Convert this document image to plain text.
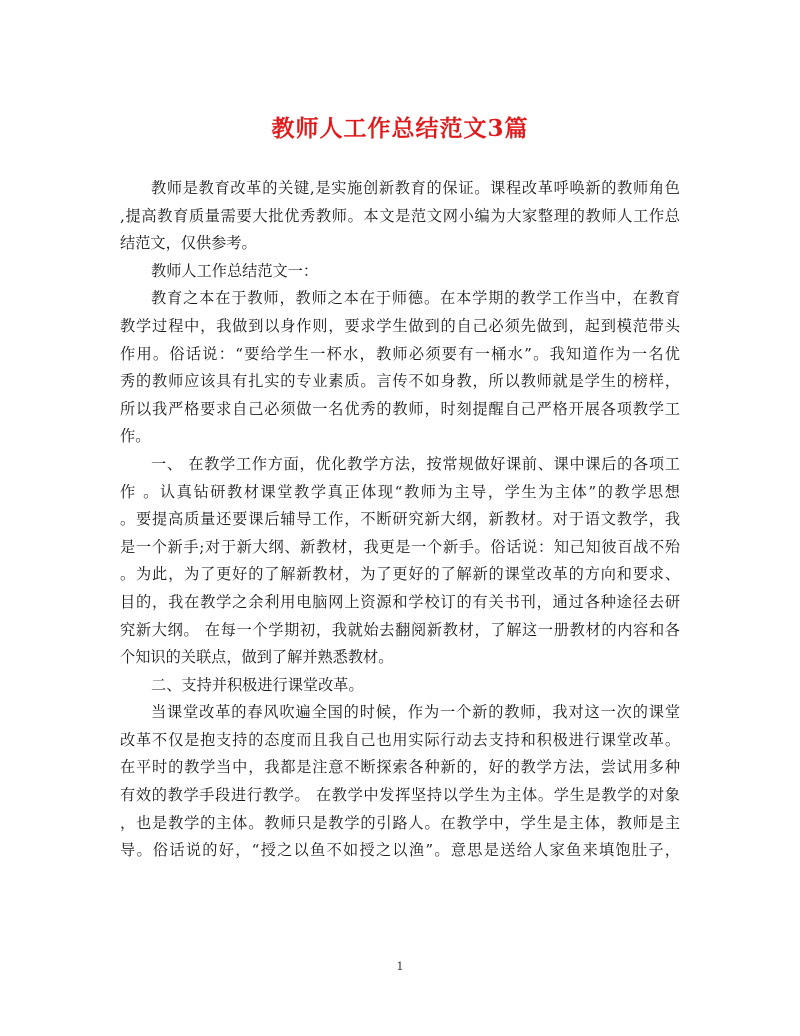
教师人工作总结范文3篇
教师是教育改革的关键,是实施创新教育的保证。课程改革呼唤新的教师角色
,提高教育质量需要大批优秀教师。本文是范文网小编为大家整理的教师人工作总
结范文，仅供参考。
教师人工作总结范文一：
教育之本在于教师，教师之本在于师德。在本学期的教学工作当中，在教育
教学过程中，我做到以身作则，要求学生做到的自己必须先做到，起到模范带头
作用。俗话说：“要给学生一杯水，教师必须要有一桶水”。我知道作为一名优
秀的教师应该具有扎实的专业素质。言传不如身教，所以教师就是学生的榜样，
所以我严格要求自己必须做一名优秀的教师，时刻提醒自己严格开展各项教学工
作。
一、 在教学工作方面，优化教学方法，按常规做好课前、课中课后的各项工
作 。认真钻研教材课堂教学真正体现“教师为主导，学生为主体”的教学思想
。要提高质量还要课后辅导工作，不断研究新大纲，新教材。对于语文教学，我
是一个新手;对于新大纲、新教材，我更是一个新手。俗话说：知己知彼百战不殆
。为此，为了更好的了解新教材，为了更好的了解新的课堂改革的方向和要求、
目的，我在教学之余利用电脑网上资源和学校订的有关书刊，通过各种途径去研
究新大纲。 在每一个学期初，我就始去翻阅新教材，了解这一册教材的内容和各
个知识的关联点，做到了解并熟悉教材。
二、支持并积极进行课堂改革。
当课堂改革的春风吹遍全国的时候，作为一个新的教师，我对这一次的课堂
改革不仅是抱支持的态度而且我自己也用实际行动去支持和积极进行课堂改革。
在平时的教学当中，我都是注意不断探索各种新的，好的教学方法，尝试用多种
有效的教学手段进行教学。 在教学中发挥坚持以学生为主体。学生是教学的对象
，也是教学的主体。教师只是教学的引路人。在教学中，学生是主体，教师是主
导。俗话说的好，“授之以鱼不如授之以渔”。意思是送给人家鱼来填饱肚子，
1
